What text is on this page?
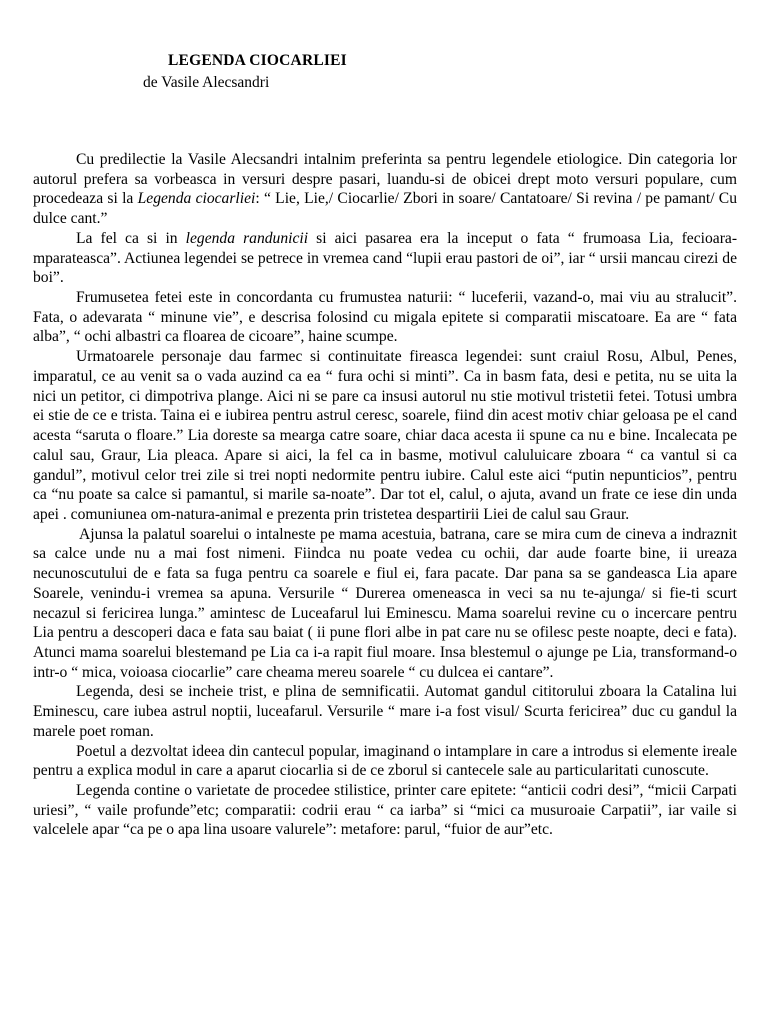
LEGENDA CIOCARLIEI
de Vasile Alecsandri

Cu predilectie la Vasile Alecsandri intalnim preferinta sa pentru legendele etiologice. Din categoria lor autorul prefera sa vorbeasca in versuri despre pasari, luandu-si de obicei drept moto versuri populare, cum procedeaza si la Legenda ciocarliei: “ Lie, Lie,/ Ciocarlie/ Zbori in soare/ Cantatoare/ Si revina / pe pamant/ Cu dulce cant.”

La fel ca si in legenda randunicii si aici pasarea era la inceput o fata “ frumoasa Lia, fecioara-mparateasca”. Actiunea legendei se petrece in vremea cand “lupii erau pastori de oi”, iar “ ursii mancau cirezi de boi”.

Frumusetea fetei este in concordanta cu frumustea naturii: “ luceferii, vazand-o, mai viu au stralucit”. Fata, o adevarata “ minune vie”, e descrisa folosind cu migala epitete si comparatii miscatoare. Ea are “ fata alba”, “ ochi albastri ca floarea de cicoare”, haine scumpe.

Urmatoarele personaje dau farmec si continuitate fireasca legendei: sunt craiul Rosu, Albul, Penes, imparatul, ce au venit sa o vada auzind ca ea “ fura ochi si minti”. Ca in basm fata, desi e petita, nu se uita la nici un petitor, ci dimpotriva plange. Aici ni se pare ca insusi autorul nu stie motivul tristetii fetei. Totusi umbra ei stie de ce e trista. Taina ei e iubirea pentru astrul ceresc, soarele, fiind din acest motiv chiar geloasa pe el cand acesta “saruta o floare.” Lia doreste sa mearga catre soare, chiar daca acesta ii spune ca nu e bine. Incalecata pe calul sau, Graur, Lia pleaca. Apare si aici, la fel ca in basme, motivul caluluicare zboara “ ca vantul si ca gandul”, motivul celor trei zile si trei nopti nedormite pentru iubire. Calul este aici “putin nepunticios”, pentru ca “nu poate sa calce si pamantul, si marile sa-noate”. Dar tot el, calul, o ajuta, avand un frate ce iese din unda apei . comuniunea om-natura-animal e prezenta prin tristetea despartirii Liei de calul sau Graur.

Ajunsa la palatul soarelui o intalneste pe mama acestuia, batrana, care se mira cum de cineva a indraznit sa calce unde nu a mai fost nimeni. Fiindca nu poate vedea cu ochii, dar aude foarte bine, ii ureaza necunoscutului de e fata sa fuga pentru ca soarele e fiul ei, fara pacate. Dar pana sa se gandeasca Lia apare Soarele, venindu-i vremea sa apuna. Versurile “ Durerea omeneasca in veci sa nu te-ajunga/ si fie-ti scurt necazul si fericirea lunga.” amintesc de Luceafarul lui Eminescu. Mama soarelui revine cu o incercare pentru Lia pentru a descoperi daca e fata sau baiat ( ii pune flori albe in pat care nu se ofilesc peste noapte, deci e fata). Atunci mama soarelui blestemand pe Lia ca i-a rapit fiul moare. Insa blestemul o ajunge pe Lia, transformand-o intr-o “ mica, voioasa ciocarlie” care cheama mereu soarele “ cu dulcea ei cantare”.

Legenda, desi se incheie trist, e plina de semnificatii. Automat gandul cititorului zboara la Catalina lui Eminescu, care iubea astrul noptii, luceafarul. Versurile “ mare i-a fost visul/ Scurta fericirea” duc cu gandul la marele poet roman.

Poetul a dezvoltat ideea din cantecul popular, imaginand o intamplare in care a introdus si elemente ireale pentru a explica modul in care a aparut ciocarlia si de ce zborul si cantecele sale au particularitati cunoscute.

Legenda contine o varietate de procedee stilistice, printer care epitete: “anticii codri desi”, “micii Carpati uriesi”, “ vaile profunde”etc; comparatii: codrii erau “ ca iarba” si “mici ca musuroaie Carpatii”, iar vaile si valcelele apar “ca pe o apa lina usoare valurele”: metafore: parul, “fuior de aur”etc.
